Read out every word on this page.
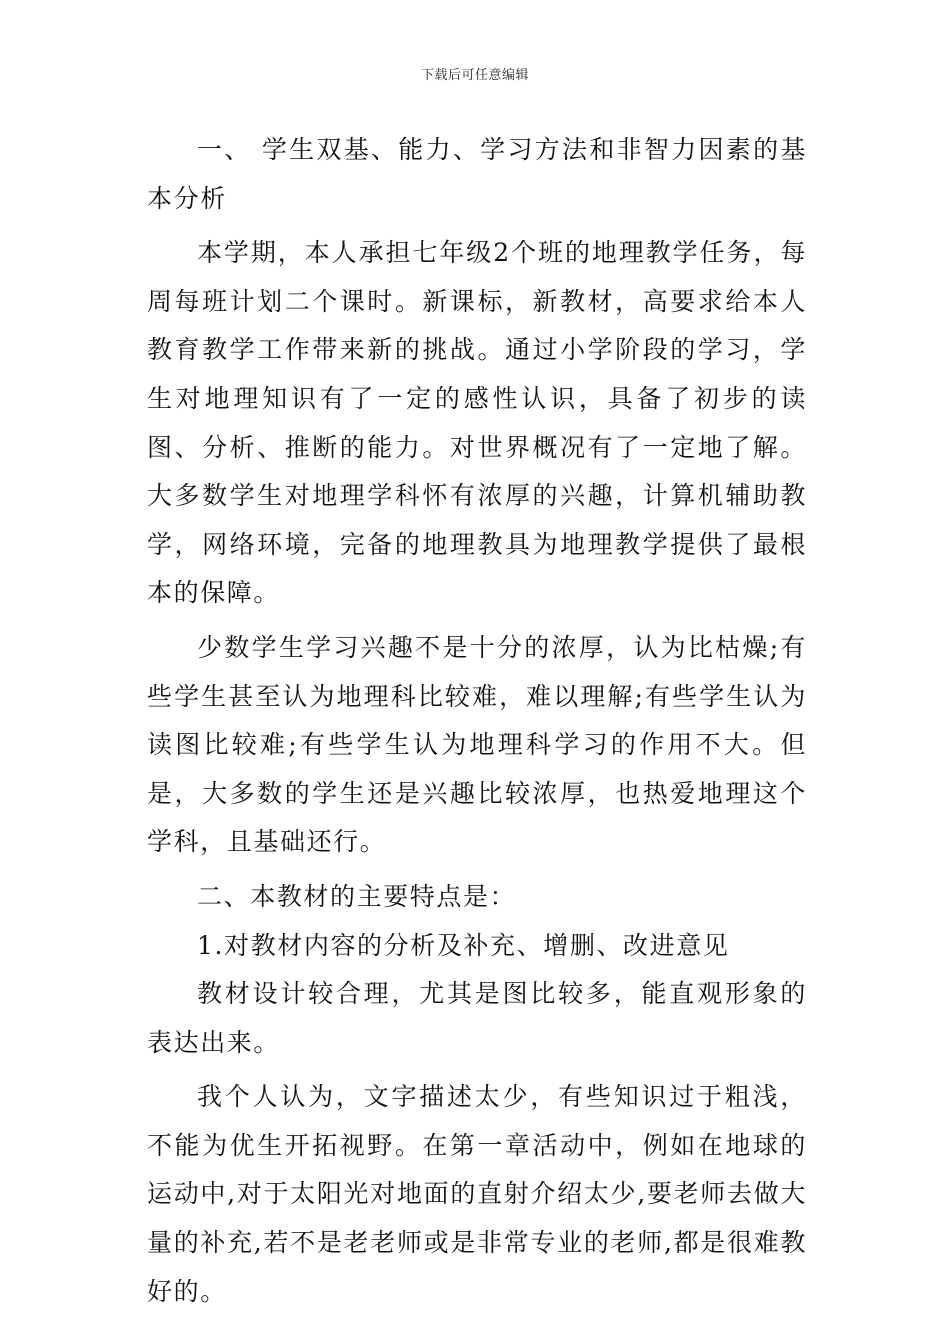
下载后可任意编辑

一、 学生双基、能力、学习方法和非智力因素的基本分析

本学期，本人承担七年级2个班的地理教学任务，每周每班计划二个课时。新课标，新教材，高要求给本人教育教学工作带来新的挑战。通过小学阶段的学习，学生对地理知识有了一定的感性认识，具备了初步的读图、分析、推断的能力。对世界概况有了一定地了解。大多数学生对地理学科怀有浓厚的兴趣，计算机辅助教学，网络环境，完备的地理教具为地理教学提供了最根本的保障。

少数学生学习兴趣不是十分的浓厚，认为比枯燥;有些学生甚至认为地理科比较难，难以理解;有些学生认为读图比较难;有些学生认为地理科学习的作用不大。但是，大多数的学生还是兴趣比较浓厚，也热爱地理这个学科，且基础还行。

二、本教材的主要特点是：

1.对教材内容的分析及补充、增删、改进意见

教材设计较合理，尤其是图比较多，能直观形象的表达出来。

我个人认为，文字描述太少，有些知识过于粗浅，不能为优生开拓视野。在第一章活动中，例如在地球的运动中,对于太阳光对地面的直射介绍太少,要老师去做大量的补充,若不是老老师或是非常专业的老师,都是很难教好的。
